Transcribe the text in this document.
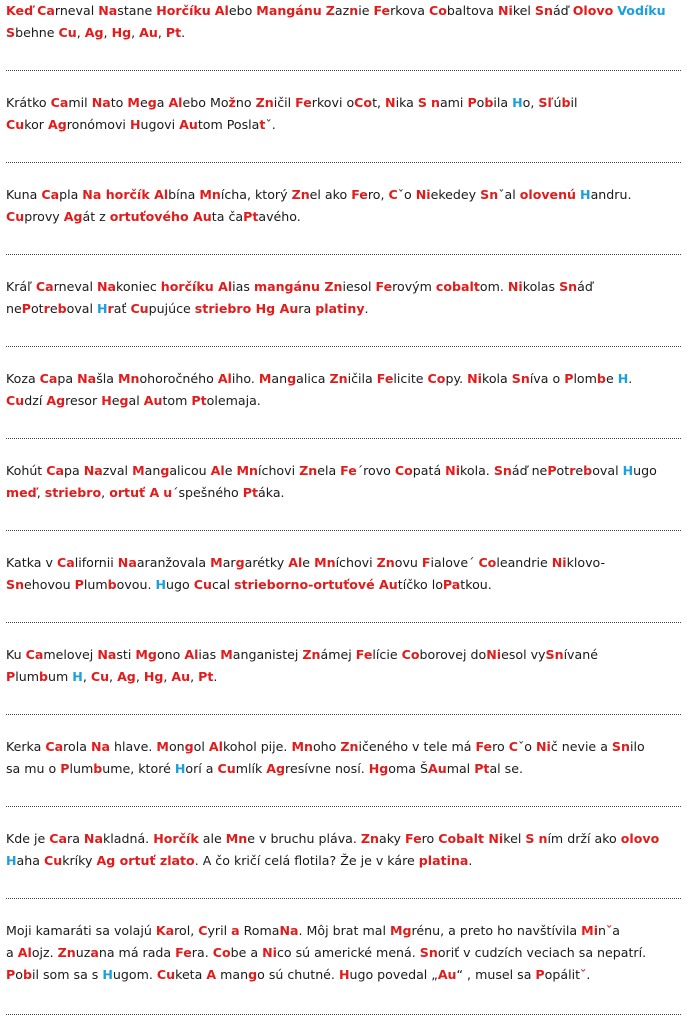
Keď Carneval Nastane Horčíku Alebo Mangánu Zaznie Ferkova Cobaltova Nikel Snáď Olovo Vodíku

Sbehne Cu, Ag, Hg, Au, Pt.

Krátko Camil Nato Mega Alebo Možno Zničil Ferkovi oCot, Nika S nami Pobila Ho, Sľúbil

Cukor Agronómovi Hugovi Autom Poslatˇ.

Kuna Capla Na horčík Albína Mnícha, ktorý Znel ako Fero, Cˇo Niekedey Snˇal olovenú Handru.

Cuprovy Agát z ortuťového Auta čaPtavého.

Kráľ Carneval Nakoniec horčíku Alias mangánu Zniesol Ferovým cobaltom. Nikolas Snáď

nePotreboval Hrať Cupujúce striebro Hg Aura platiny.

Koza Capa Našla Mnohoročného Aliho. Mangalica Zničila Felicite Copy. Nikola Sníva o Plombe H.

Cudzí Agresor Hegal Autom Ptolemaja.

Kohút Capa Nazval Mangalicou Ale Mníchovi Znela Fe´rovo Copatá Nikola. Snáď nePotreboval Hugo

meď, striebro, ortuť A u´spešného Ptáka.

Katka v Californii Naaranžovala Margarétky Ale Mníchovi Znovu Fialove´ Coleandrie Niklovo-

Snehovou Plumbovou. Hugo Cucal strieborno-ortuťové Autíčko loPatkou.

Ku Camelovej Nasti Mgono Alias Manganistej Známej Felície Coborovej doNiesol vySnívané

Plumbum H, Cu, Ag, Hg, Au, Pt.

Kerka Carola Na hlave. Mongol Alkohol pije. Mnoho Zničeného v tele má Fero Cˇo Nič nevie a Snilo

sa mu o Plumbume, ktoré Horí a Cumlík Agresívne nosí. Hgoma ŠAumal Ptal se.

Kde je Cara Nakladná. Horčík ale Mne v bruchu pláva. Znaky Fero Cobalt Nikel S ním drží ako olovo

Haha Cukríky Ag ortuť zlato. A čo kričí celá flotila? Že je v káre platina.

Moji kamaráti sa volajú Karol, Cyril a RomaNa. Môj brat mal Mgrénu, a preto ho navštívila Minˇa

a Alojz. Znuzana má rada Fera. Cobe a Nico sú americké mená. Snoriť v cudzích veciach sa nepatrí.

Pobil som sa s Hugom. Cuketa A mango sú chutné. Hugo povedal „Au“ , musel sa Popálitˇ.
